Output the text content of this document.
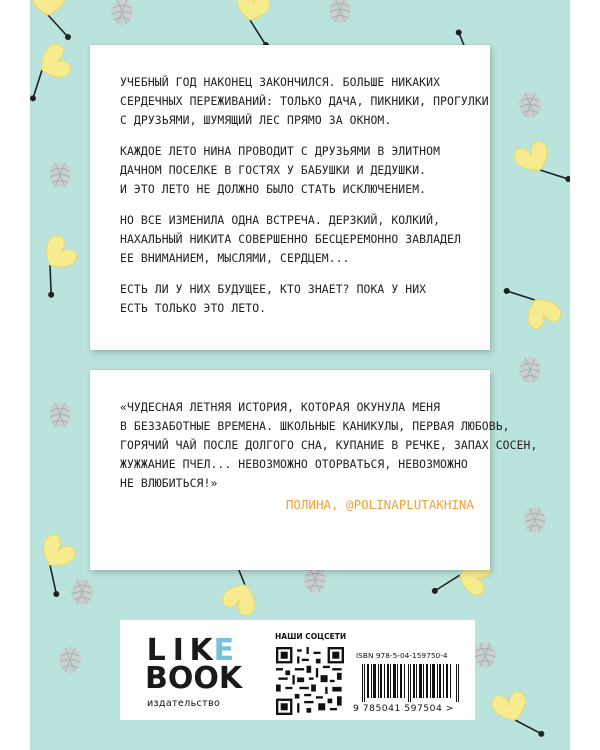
УЧЕБНЫЙ ГОД НАКОНЕЦ ЗАКОНЧИЛСЯ. БОЛЬШЕ НИКАКИХ
СЕРДЕЧНЫХ ПЕРЕЖИВАНИЙ: ТОЛЬКО ДАЧА, ПИКНИКИ, ПРОГУЛКИ
С ДРУЗЬЯМИ, ШУМЯЩИЙ ЛЕС ПРЯМО ЗА ОКНОМ.
КАЖДОЕ ЛЕТО НИНА ПРОВОДИТ С ДРУЗЬЯМИ В ЭЛИТНОМ
ДАЧНОМ ПОСЕЛКЕ В ГОСТЯХ У БАБУШКИ И ДЕДУШКИ.
И ЭТО ЛЕТО НЕ ДОЛЖНО БЫЛО СТАТЬ ИСКЛЮЧЕНИЕМ.
НО ВСЕ ИЗМЕНИЛА ОДНА ВСТРЕЧА. ДЕРЗКИЙ, КОЛКИЙ,
НАХАЛЬНЫЙ НИКИТА СОВЕРШЕННО БЕСЦЕРЕМОННО ЗАВЛАДЕЛ
ЕЕ ВНИМАНИЕМ, МЫСЛЯМИ, СЕРДЦЕМ...
ЕСТЬ ЛИ У НИХ БУДУЩЕЕ, КТО ЗНАЕТ? ПОКА У НИХ
ЕСТЬ ТОЛЬКО ЭТО ЛЕТО.
«ЧУДЕСНАЯ ЛЕТНЯЯ ИСТОРИЯ, КОТОРАЯ ОКУНУЛА МЕНЯ
В БЕЗЗАБОТНЫЕ ВРЕМЕНА. ШКОЛЬНЫЕ КАНИКУЛЫ, ПЕРВАЯ ЛЮБОВЬ,
ГОРЯЧИЙ ЧАЙ ПОСЛЕ ДОЛГОГО СНА, КУПАНИЕ В РЕЧКЕ, ЗАПАХ СОСЕН,
ЖУЖЖАНИЕ ПЧЕЛ... НЕВОЗМОЖНО ОТОРВАТЬСЯ, НЕВОЗМОЖНО
НЕ ВЛЮБИТЬСЯ!»
ПОЛИНА, @POLINAPLUTAKHINA
L I K E
B O O K
издательство
НАШИ СОЦСЕТИ
ISBN 978-5-04-159750-4
9 785041 597504 >
